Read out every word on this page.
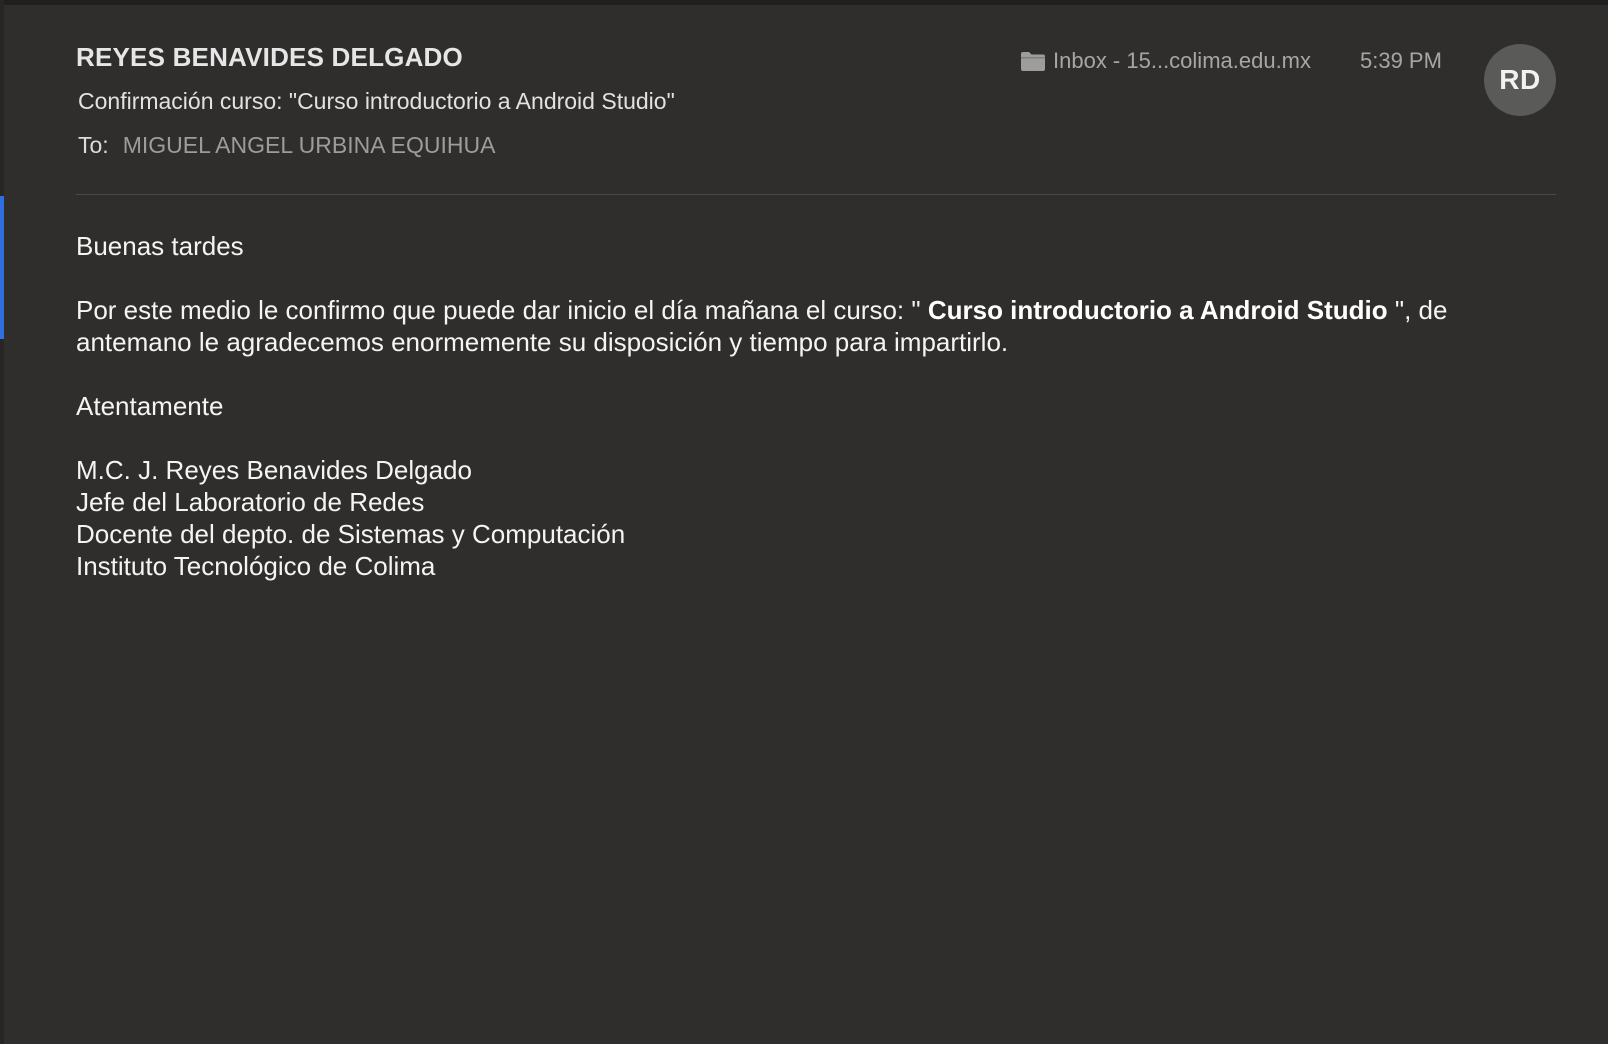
REYES BENAVIDES DELGADO
Confirmación curso: "Curso introductorio a Android Studio"
To: MIGUEL ANGEL URBINA EQUIHUA
Inbox - 15...colima.edu.mx 5:39 PM
RD

Buenas tardes

Por este medio le confirmo que puede dar inicio el día mañana el curso: " Curso introductorio a Android Studio ", de antemano le agradecemos enormemente su disposición y tiempo para impartirlo.

Atentamente

M.C. J. Reyes Benavides Delgado
Jefe del Laboratorio de Redes
Docente del depto. de Sistemas y Computación
Instituto Tecnológico de Colima
